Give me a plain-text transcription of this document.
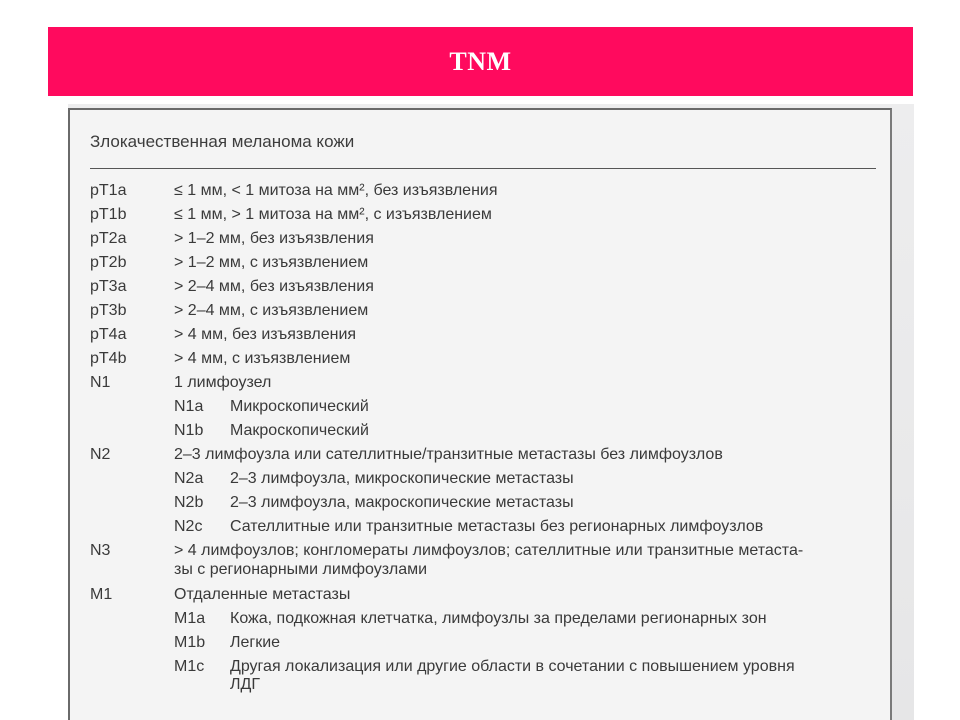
TNM
Злокачественная меланома кожи
pT1a	≤ 1 мм, < 1 митоза на мм², без изъязвления
pT1b	≤ 1 мм, > 1 митоза на мм², с изъязвлением
pT2a	> 1–2 мм, без изъязвления
pT2b	> 1–2 мм, с изъязвлением
pT3a	> 2–4 мм, без изъязвления
pT3b	> 2–4 мм, с изъязвлением
pT4a	> 4 мм, без изъязвления
pT4b	> 4 мм, с изъязвлением
N1	1 лимфоузел
N1a Микроскопический
N1b Макроскопический
N2	2–3 лимфоузла или сателлитные/транзитные метастазы без лимфоузлов
N2a 2–3 лимфоузла, микроскопические метастазы
N2b 2–3 лимфоузла, макроскопические метастазы
N2c Сателлитные или транзитные метастазы без регионарных лимфоузлов
N3	> 4 лимфоузлов; конгломераты лимфоузлов; сателлитные или транзитные метаста-
зы с регионарными лимфоузлами
M1	Отдаленные метастазы
M1a Кожа, подкожная клетчатка, лимфоузлы за пределами регионарных зон
M1b Легкие
M1c Другая локализация или другие области в сочетании с повышением уровня
ЛДГ
